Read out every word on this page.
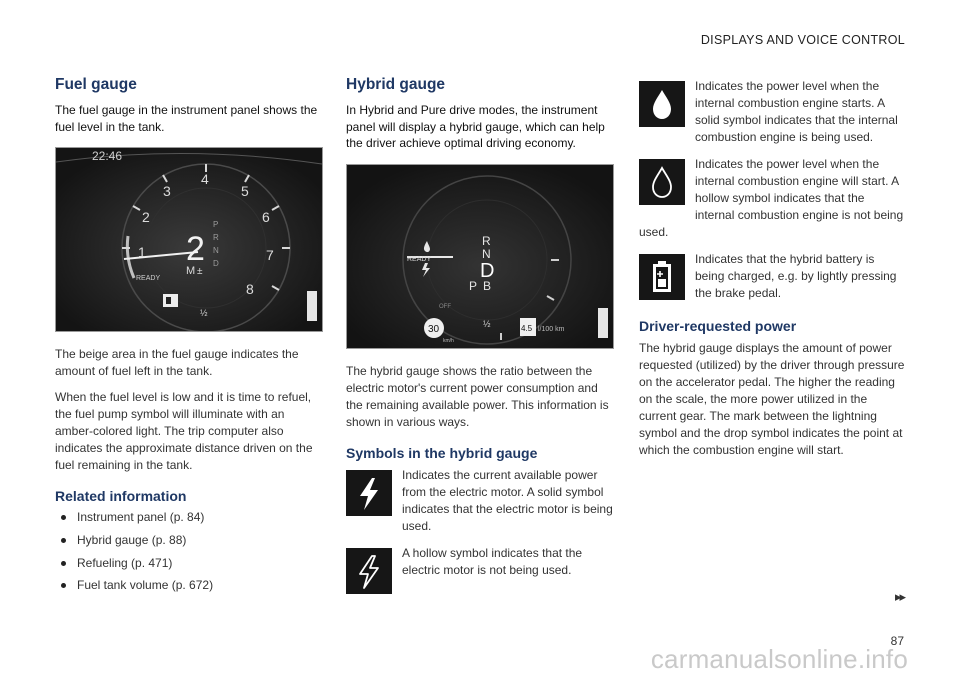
DISPLAYS AND VOICE CONTROL
Fuel gauge
The fuel gauge in the instrument panel shows the fuel level in the tank.
22:46
1
2
3
4
5
6
7
8
2
M ±
P
R
N
D
READY
½

The beige area in the fuel gauge indicates the amount of fuel left in the tank.

When the fuel level is low and it is time to refuel, the fuel pump symbol will illuminate with an amber-colored light. The trip computer also indicates the approximate distance driven on the fuel remaining in the tank.

Related information
Instrument panel (p. 84)
Hybrid gauge (p. 88)
Refueling (p. 471)
Fuel tank volume (p. 672)
Hybrid gauge
In Hybrid and Pure drive modes, the instrument panel will display a hybrid gauge, which can help the driver achieve optimal driving economy.
READY
R
N
D
B
P
OFF
½
30
km/h
4.5 l/100 km

The hybrid gauge shows the ratio between the electric motor's current power consumption and the remaining available power. This information is shown in various ways.

Symbols in the hybrid gauge

Indicates the current available power from the electric motor. A solid symbol indicates that the electric motor is being used.

A hollow symbol indicates that the electric motor is not being used.

Indicates the power level when the internal combustion engine starts. A solid symbol indicates that the internal combustion engine is being used.

Indicates the power level when the internal combustion engine will start. A hollow symbol indicates that the internal combustion engine is not being used.

Indicates that the hybrid battery is being charged, e.g. by lightly pressing the brake pedal.

Driver-requested power

The hybrid gauge displays the amount of power requested (utilized) by the driver through pressure on the accelerator pedal. The higher the reading on the scale, the more power utilized in the current gear. The mark between the lightning symbol and the drop symbol indicates the point at which the combustion engine will start.

▸▸
87
carmanualsonline.info
